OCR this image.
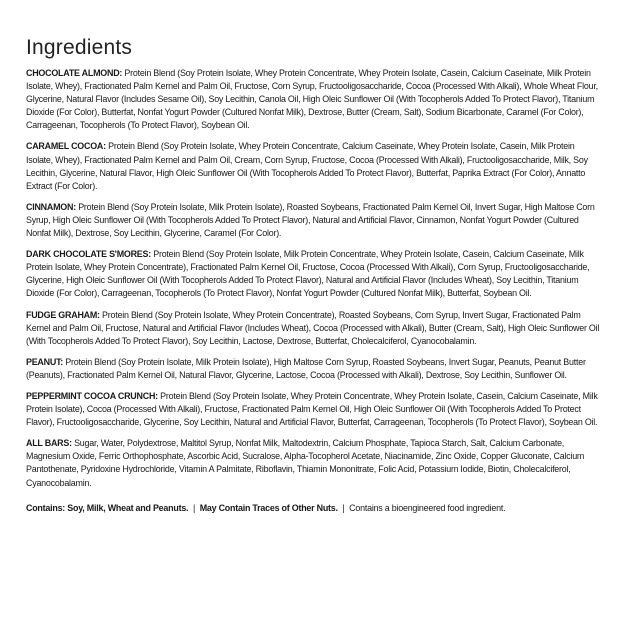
Ingredients

CHOCOLATE ALMOND: Protein Blend (Soy Protein Isolate, Whey Protein Concentrate, Whey Protein Isolate, Casein, Calcium Caseinate, Milk Protein Isolate, Whey), Fractionated Palm Kernel and Palm Oil, Fructose, Corn Syrup, Fructooligosaccharide, Cocoa (Processed With Alkali), Whole Wheat Flour, Glycerine, Natural Flavor (Includes Sesame Oil), Soy Lecithin, Canola Oil, High Oleic Sunflower Oil (With Tocopherols Added To Protect Flavor), Titanium Dioxide (For Color), Butterfat, Nonfat Yogurt Powder (Cultured Nonfat Milk), Dextrose, Butter (Cream, Salt), Sodium Bicarbonate, Caramel (For Color), Carrageenan, Tocopherols (To Protect Flavor), Soybean Oil.

CARAMEL COCOA: Protein Blend (Soy Protein Isolate, Whey Protein Concentrate, Calcium Caseinate, Whey Protein Isolate, Casein, Milk Protein Isolate, Whey), Fractionated Palm Kernel and Palm Oil, Cream, Corn Syrup, Fructose, Cocoa (Processed With Alkali), Fructooligosaccharide, Milk, Soy Lecithin, Glycerine, Natural Flavor, High Oleic Sunflower Oil (With Tocopherols Added To Protect Flavor), Butterfat, Paprika Extract (For Color), Annatto Extract (For Color).

CINNAMON: Protein Blend (Soy Protein Isolate, Milk Protein Isolate), Roasted Soybeans, Fractionated Palm Kernel Oil, Invert Sugar, High Maltose Corn Syrup, High Oleic Sunflower Oil (With Tocopherols Added To Protect Flavor), Natural and Artificial Flavor, Cinnamon, Nonfat Yogurt Powder (Cultured Nonfat Milk), Dextrose, Soy Lecithin, Glycerine, Caramel (For Color).

DARK CHOCOLATE S'MORES: Protein Blend (Soy Protein Isolate, Milk Protein Concentrate, Whey Protein Isolate, Casein, Calcium Caseinate, Milk Protein Isolate, Whey Protein Concentrate), Fractionated Palm Kernel Oil, Fructose, Cocoa (Processed With Alkali), Corn Syrup, Fructooligosaccharide, Glycerine, High Oleic Sunflower Oil (With Tocopherols Added To Protect Flavor), Natural and Artificial Flavor (Includes Wheat), Soy Lecithin, Titanium Dioxide (For Color), Carrageenan, Tocopherols (To Protect Flavor), Nonfat Yogurt Powder (Cultured Nonfat Milk), Butterfat, Soybean Oil.

FUDGE GRAHAM: Protein Blend (Soy Protein Isolate, Whey Protein Concentrate), Roasted Soybeans, Corn Syrup, Invert Sugar, Fractionated Palm Kernel and Palm Oil, Fructose, Natural and Artificial Flavor (Includes Wheat), Cocoa (Processed with Alkali), Butter (Cream, Salt), High Oleic Sunflower Oil (With Tocopherols Added To Protect Flavor), Soy Lecithin, Lactose, Dextrose, Butterfat, Cholecalciferol, Cyanocobalamin.

PEANUT: Protein Blend (Soy Protein Isolate, Milk Protein Isolate), High Maltose Corn Syrup, Roasted Soybeans, Invert Sugar, Peanuts, Peanut Butter (Peanuts), Fractionated Palm Kernel Oil, Natural Flavor, Glycerine, Lactose, Cocoa (Processed with Alkali), Dextrose, Soy Lecithin, Sunflower Oil.

PEPPERMINT COCOA CRUNCH: Protein Blend (Soy Protein Isolate, Whey Protein Concentrate, Whey Protein Isolate, Casein, Calcium Caseinate, Milk Protein Isolate), Cocoa (Processed With Alkali), Fructose, Fractionated Palm Kernel Oil, High Oleic Sunflower Oil (With Tocopherols Added To Protect Flavor), Fructooligosaccharide, Glycerine, Soy Lecithin, Natural and Artificial Flavor, Butterfat, Carrageenan, Tocopherols (To Protect Flavor), Soybean Oil.

ALL BARS: Sugar, Water, Polydextrose, Maltitol Syrup, Nonfat Milk, Maltodextrin, Calcium Phosphate, Tapioca Starch, Salt, Calcium Carbonate, Magnesium Oxide, Ferric Orthophosphate, Ascorbic Acid, Sucralose, Alpha-Tocopherol Acetate, Niacinamide, Zinc Oxide, Copper Gluconate, Calcium Pantothenate, Pyridoxine Hydrochloride, Vitamin A Palmitate, Riboflavin, Thiamin Mononitrate, Folic Acid, Potassium Iodide, Biotin, Cholecalciferol, Cyanocobalamin.

Contains: Soy, Milk, Wheat and Peanuts. | May Contain Traces of Other Nuts. | Contains a bioengineered food ingredient.
